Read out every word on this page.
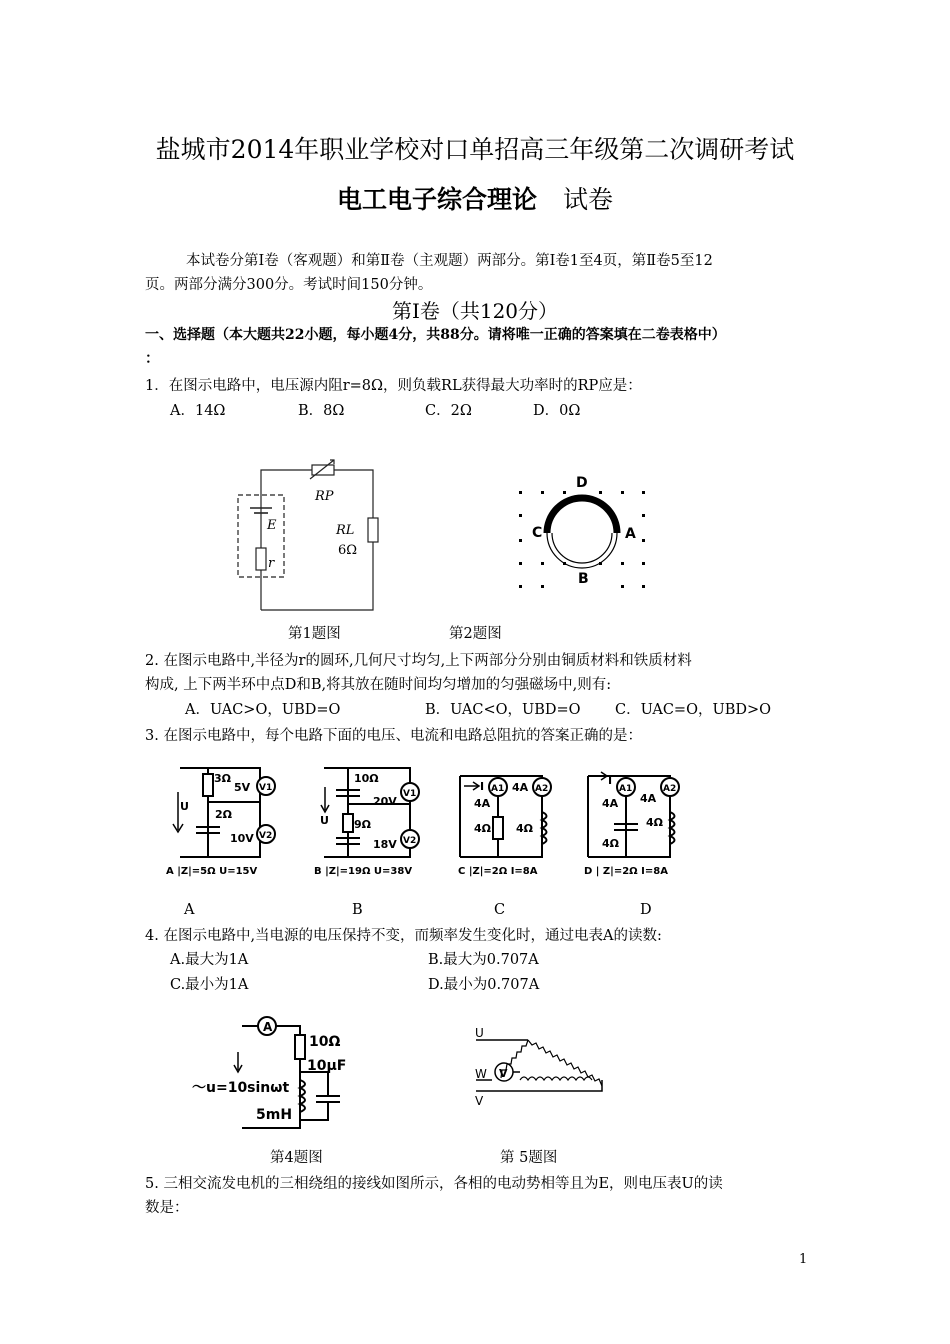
盐城市2014年职业学校对口单招高三年级第二次调研考试
电工电子综合理论 试卷
本试卷分第Ⅰ卷（客观题）和第Ⅱ卷（主观题）两部分。第Ⅰ卷1至4页，第Ⅱ卷5至12
页。两部分满分300分。考试时间150分钟。
第Ⅰ卷（共120分）
一、选择题（本大题共22小题，每小题4分，共88分。请将唯一正确的答案填在二卷表格中）
：
1．在图示电路中，电压源内阻r=8Ω，则负载RL获得最大功率时的RP应是：
A．14Ω	B．8Ω	C．2Ω	D．0Ω
RP
E
r
RL
6Ω
D
C	A
B
第1题图	第2题图
2. 在图示电路中,半径为r的圆环,几何尺寸均匀,上下两部分分别由铜质材料和铁质材料
构成, 上下两半环中点D和B,将其放在随时间均匀增加的匀强磁场中,则有:
A．UAC>O，UBD=O	B．UAC<O，UBD=O C．UAC=O，UBD>O
3. 在图示电路中，每个电路下面的电压、电流和电路总阻抗的答案正确的是：
3Ω
2Ω
5V
10V
U
V1
V2
A |Z|=5Ω U=15V
10Ω
9Ω
20V
18V
U
V1
V2
B |Z|=19Ω U=38V
I A1	A2
4A
4A
4Ω 4Ω
C |Z|=2Ω I=8A
I
A1	A2
4A 4A
4Ω
4Ω
D | Z|=2Ω I=8A
A	B	C	D
4. 在图示电路中,当电源的电压保持不变，而频率发生变化时，通过电表A的读数:
A.最大为1A	B.最大为0.707A
C.最小为1A	D.最小为0.707A
A
10Ω
10μF
～u=10sinωt
5mH
U
W
V
V
第4题图	第 5题图
5. 三相交流发电机的三相绕组的接线如图所示，各相的电动势相等且为E，则电压表U的读
数是：
1
